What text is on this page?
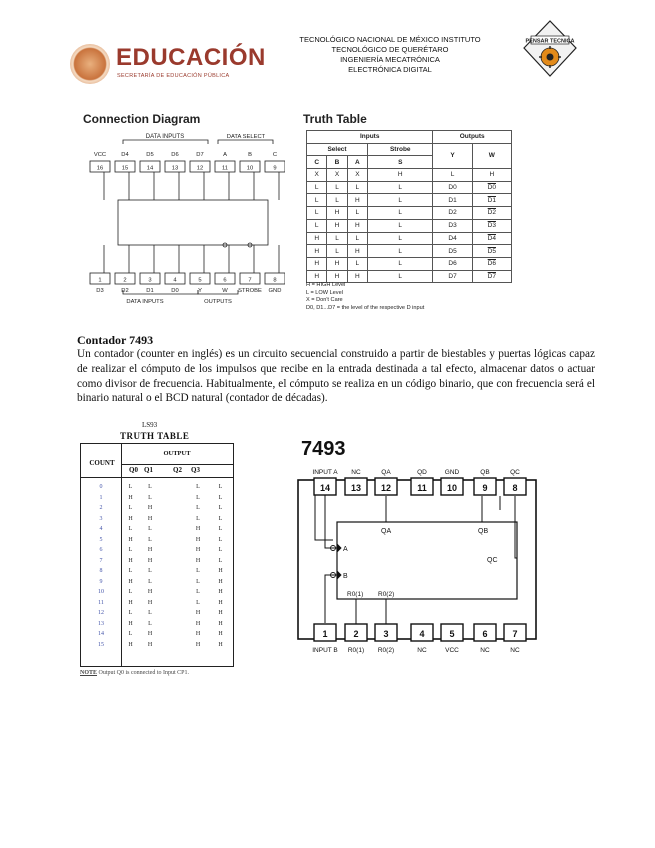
EDUCACIÓN
SECRETARÍA DE EDUCACIÓN PÚBLICA
TECNOLÓGICO NACIONAL DE MÉXICO INSTITUTO
TECNOLÓGICO DE QUERÉTARO
INGENIERÍA MECATRÓNICA
ELECTRÓNICA DIGITAL
PENSAR TECNICA
Connection Diagram
DATA INPUTS	DATA SELECT
DATA INPUTS	OUTPUTS
VCC
16
1
D3
D4
15
2
D2
D5
14
3
D1
D6
13
4
D0
D7
12
5
Y
A
11
6
W
B
10
7
STROBE
C
9
8
GND
Truth Table
Inputs				Outputs	
Select			Strobe	Y	W
C	B	A	S		
X	X	X	H	L	H
L	L	L	L	D0	D0
L	L	H	L	D1	D1
L	H	L	L	D2	D2
L	H	H	L	D3	D3
H	L	L	L	D4	D4
H	L	H	L	D5	D5
H	H	L	L	D6	D6
H	H	H	L	D7	D7
H = HIGH Level
L = LOW Level
X = Don't Care
D0, D1...D7 = the level of the respective D input
Contador 7493
Un contador (counter en inglés) es un circuito secuencial construido a partir de biestables y puertas lógicas capaz de realizar el cómputo de los impulsos que recibe en la entrada destinada a tal efecto, almacenar datos o actuar como divisor de frecuencia. Habitualmente, el cómputo se realiza en un código binario, que con frecuencia será el binario natural o el BCD natural (contador de décadas).
LS93
TRUTH TABLE
COUNT
OUTPUT
Q0 Q1	Q2 Q3
0	L	L		L	L
1	H	L		L	L
2	L	H		L	L
3	H	H		L	L
4	L	L		H	L
5	H	L		H	L
6	L	H		H	L
7	H	H		H	L
8	L	L		L	H
9	H	L		L	H
10	L	H		L	H
11	H	H		L	H
12	L	L		H	H
13	H	L		H	H
14	L	H		H	H
15	H	H		H	H
NOTE Output Q0 is connected to Input CP1.
7493
INPUT A
14
1
INPUT B
NC
13
2
R0(1)
QA
12
3
R0(2)
QD
11
4
NC
GND
10
5
VCC
QB
9
6
NC
QC
8
7
NC
A
B
QA	QB
QC
R0(1) R0(2)
